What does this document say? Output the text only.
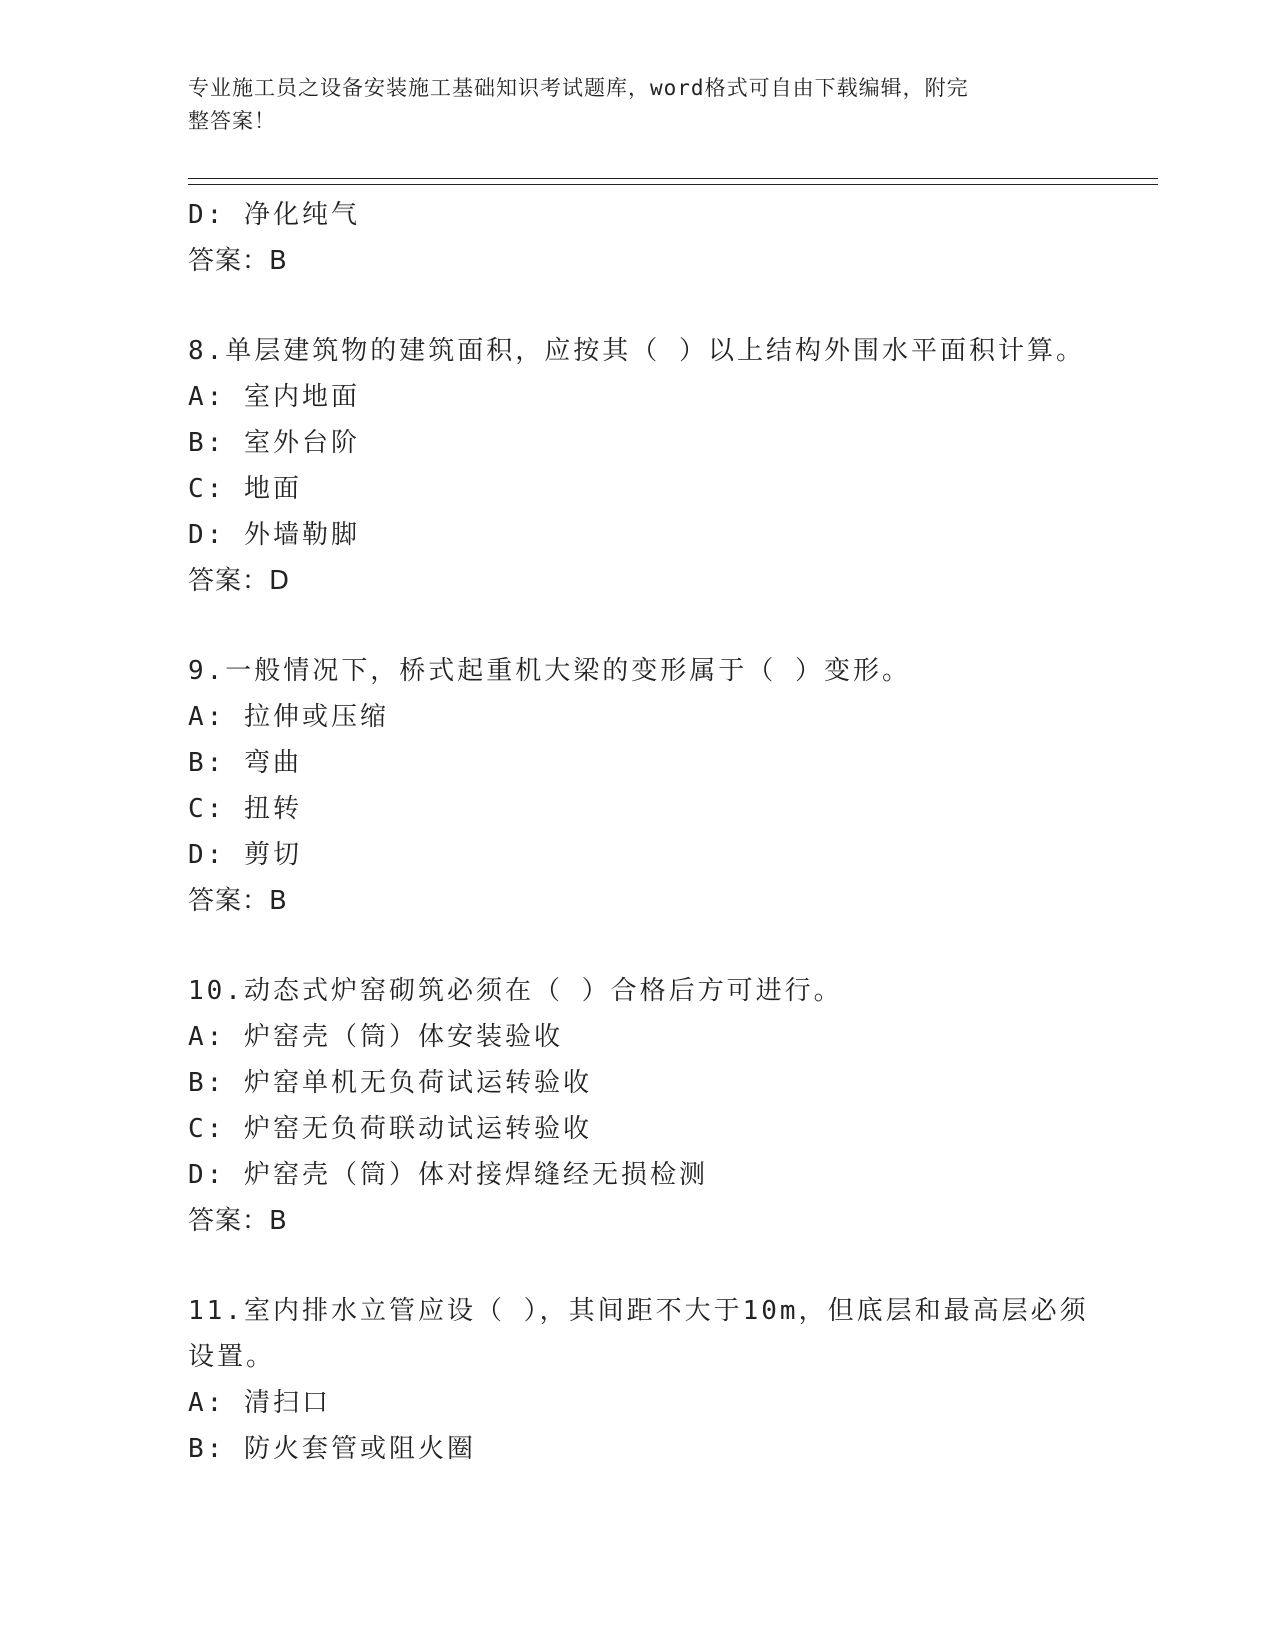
专业施工员之设备安装施工基础知识考试题库，word格式可自由下载编辑，附完
整答案！
D: 净化纯气
答案：B
8.单层建筑物的建筑面积，应按其（ ）以上结构外围水平面积计算。
A: 室内地面
B: 室外台阶
C: 地面
D: 外墙勒脚
答案：D
9.一般情况下，桥式起重机大梁的变形属于（ ）变形。
A: 拉伸或压缩
B: 弯曲
C: 扭转
D: 剪切
答案：B
10.动态式炉窑砌筑必须在（ ）合格后方可进行。
A: 炉窑壳（筒）体安装验收
B: 炉窑单机无负荷试运转验收
C: 炉窑无负荷联动试运转验收
D: 炉窑壳（筒）体对接焊缝经无损检测
答案：B
11.室内排水立管应设（ ），其间距不大于10m，但底层和最高层必须
设置。
A: 清扫口
B: 防火套管或阻火圈
